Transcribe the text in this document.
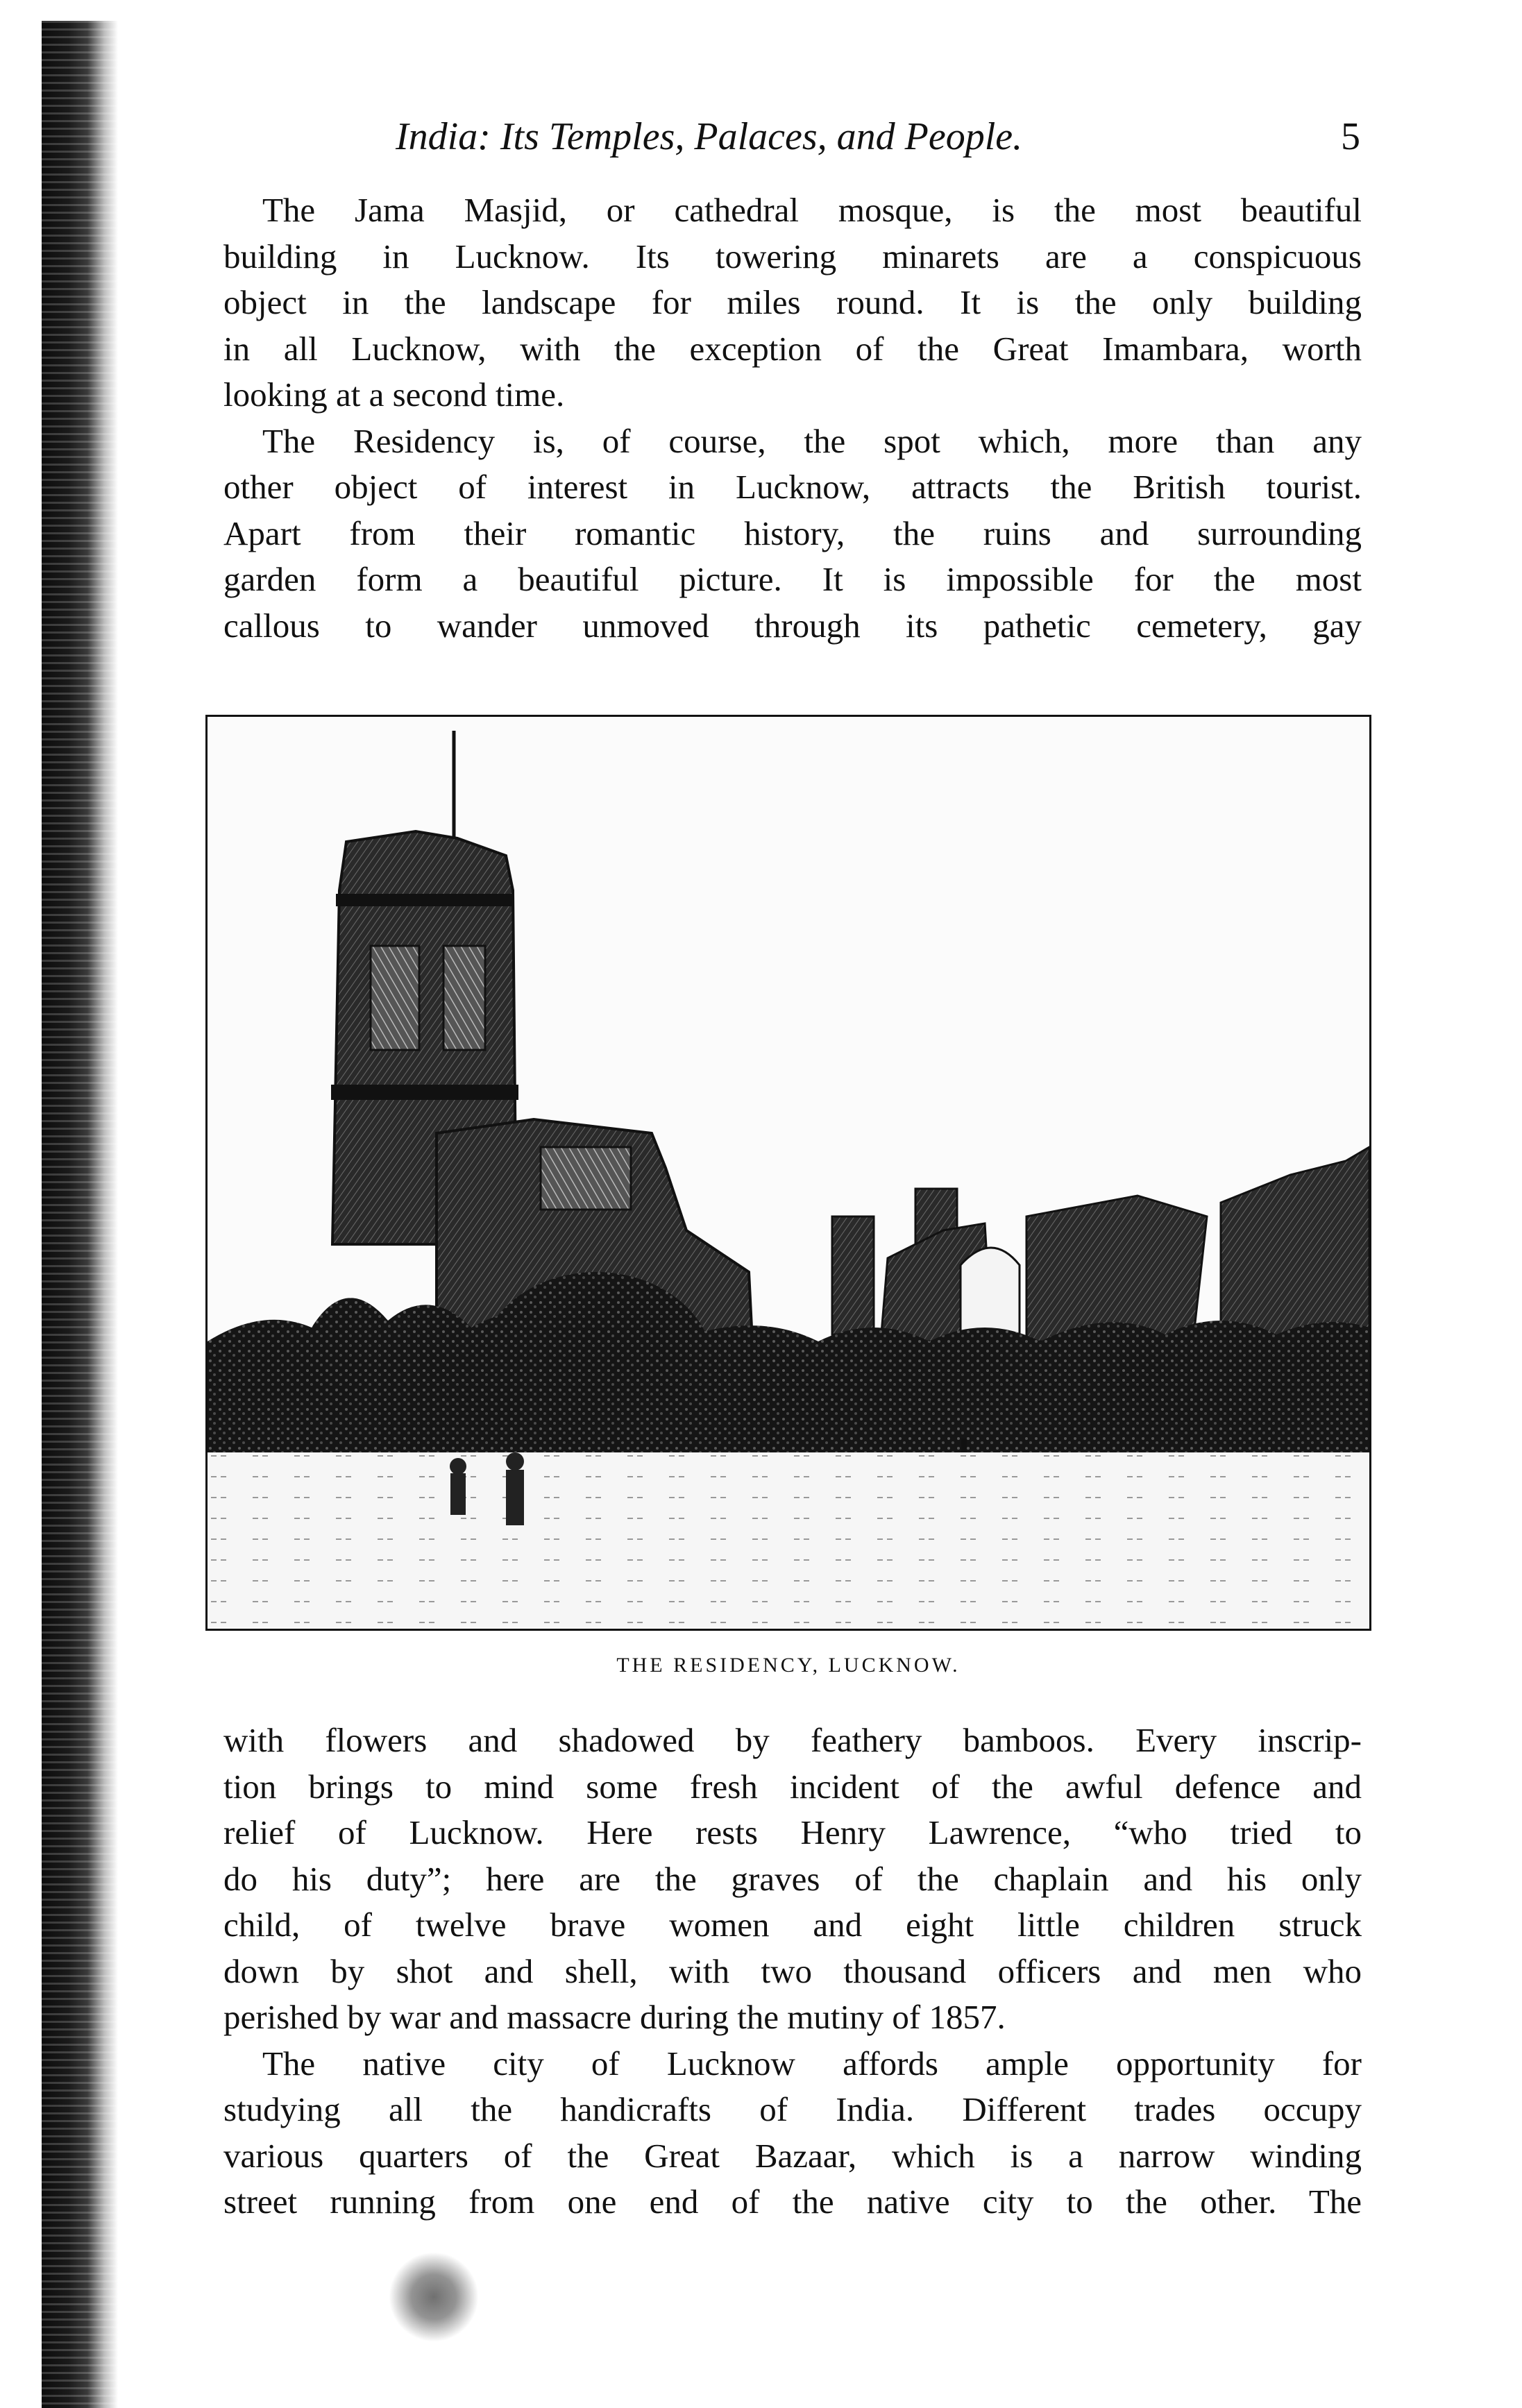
India: Its Temples, Palaces, and People.	5
The Jama Masjid, or cathedral mosque, is the most beautiful
building in Lucknow. Its towering minarets are a conspicuous
object in the landscape for miles round. It is the only building
in all Lucknow, with the exception of the Great Imambara, worth
looking at a second time.
The Residency is, of course, the spot which, more than any
other object of interest in Lucknow, attracts the British tourist.
Apart from their romantic history, the ruins and surrounding
garden form a beautiful picture. It is impossible for the most
callous to wander unmoved through its pathetic cemetery, gay
THE RESIDENCY, LUCKNOW.
with flowers and shadowed by feathery bamboos. Every inscrip-
tion brings to mind some fresh incident of the awful defence and
relief of Lucknow. Here rests Henry Lawrence, “who tried to
do his duty”; here are the graves of the chaplain and his only
child, of twelve brave women and eight little children struck
down by shot and shell, with two thousand officers and men who
perished by war and massacre during the mutiny of 1857.
The native city of Lucknow affords ample opportunity for
studying all the handicrafts of India. Different trades occupy
various quarters of the Great Bazaar, which is a narrow winding
street running from one end of the native city to the other. The
